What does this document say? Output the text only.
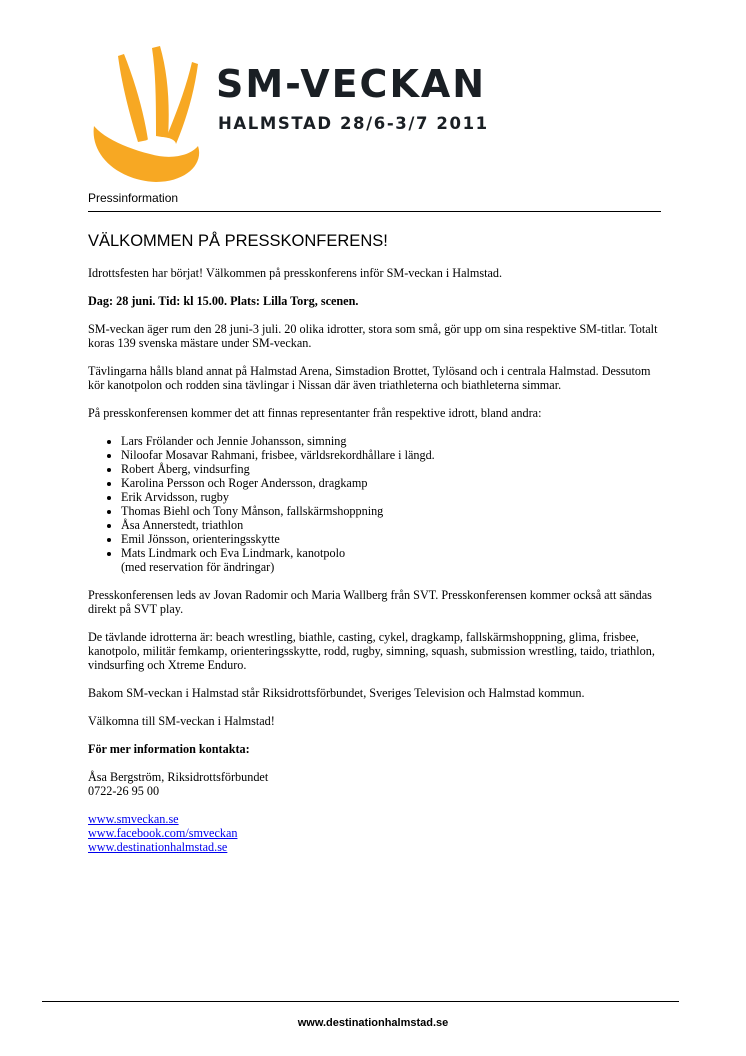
SM-VECKAN
HALMSTAD 28/6-3/7 2011
Pressinformation
VÄLKOMMEN PÅ PRESSKONFERENS!

Idrottsfesten har börjat! Välkommen på presskonferens inför SM-veckan i Halmstad.

Dag: 28 juni. Tid: kl 15.00. Plats: Lilla Torg, scenen.

SM-veckan äger rum den 28 juni-3 juli. 20 olika idrotter, stora som små, gör upp om sina respektive SM-titlar. Totalt koras 139 svenska mästare under SM-veckan.

Tävlingarna hålls bland annat på Halmstad Arena, Simstadion Brottet, Tylösand och i centrala Halmstad. Dessutom kör kanotpolon och rodden sina tävlingar i Nissan där även triathleterna och biathleterna simmar.

På presskonferensen kommer det att finnas representanter från respektive idrott, bland andra:

Lars Frölander och Jennie Johansson, simning
Niloofar Mosavar Rahmani, frisbee, världsrekordhållare i längd.
Robert Åberg, vindsurfing
Karolina Persson och Roger Andersson, dragkamp
Erik Arvidsson, rugby
Thomas Biehl och Tony Månson, fallskärmshoppning
Åsa Annerstedt, triathlon
Emil Jönsson, orienteringsskytte
Mats Lindmark och Eva Lindmark, kanotpolo
(med reservation för ändringar)

Presskonferensen leds av Jovan Radomir och Maria Wallberg från SVT. Presskonferensen kommer också att sändas direkt på SVT play.

De tävlande idrotterna är: beach wrestling, biathle, casting, cykel, dragkamp, fallskärmshoppning, glima, frisbee, kanotpolo, militär femkamp, orienteringsskytte, rodd, rugby, simning, squash, submission wrestling, taido, triathlon, vindsurfing och Xtreme Enduro.

Bakom SM-veckan i Halmstad står Riksidrottsförbundet, Sveriges Television och Halmstad kommun.

Välkomna till SM-veckan i Halmstad!

För mer information kontakta:

Åsa Bergström, Riksidrottsförbundet
0722-26 95 00

www.smveckan.se
www.facebook.com/smveckan
www.destinationhalmstad.se
www.destinationhalmstad.se
